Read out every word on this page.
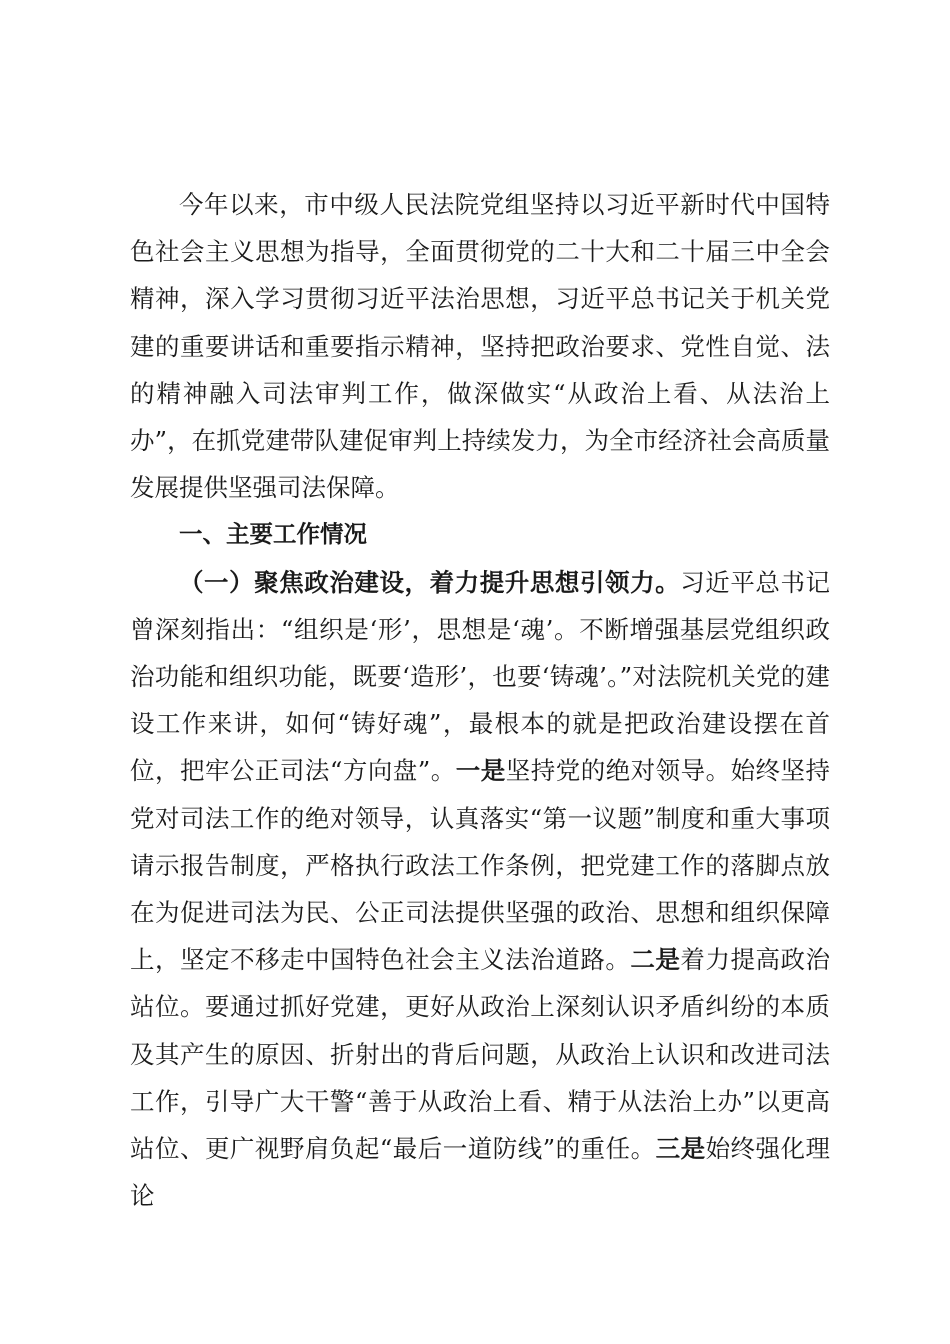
今年以来，市中级人民法院党组坚持以习近平新时代中国特色社会主义思想为指导，全面贯彻党的二十大和二十届三中全会精神，深入学习贯彻习近平法治思想，习近平总书记关于机关党建的重要讲话和重要指示精神，坚持把政治要求、党性自觉、法的精神融入司法审判工作，做深做实“从政治上看、从法治上办”，在抓党建带队建促审判上持续发力，为全市经济社会高质量发展提供坚强司法保障。

一、主要工作情况

（一）聚焦政治建设，着力提升思想引领力。习近平总书记曾深刻指出：“组织是‘形’，思想是‘魂’。不断增强基层党组织政治功能和组织功能，既要‘造形’，也要‘铸魂’。”对法院机关党的建设工作来讲，如何“铸好魂”，最根本的就是把政治建设摆在首位，把牢公正司法“方向盘”。一是坚持党的绝对领导。始终坚持党对司法工作的绝对领导，认真落实“第一议题”制度和重大事项请示报告制度，严格执行政法工作条例，把党建工作的落脚点放在为促进司法为民、公正司法提供坚强的政治、思想和组织保障上，坚定不移走中国特色社会主义法治道路。二是着力提高政治站位。要通过抓好党建，更好从政治上深刻认识矛盾纠纷的本质及其产生的原因、折射出的背后问题，从政治上认识和改进司法工作，引导广大干警“善于从政治上看、精于从法治上办”以更高站位、更广视野肩负起“最后一道防线”的重任。三是始终强化理论
